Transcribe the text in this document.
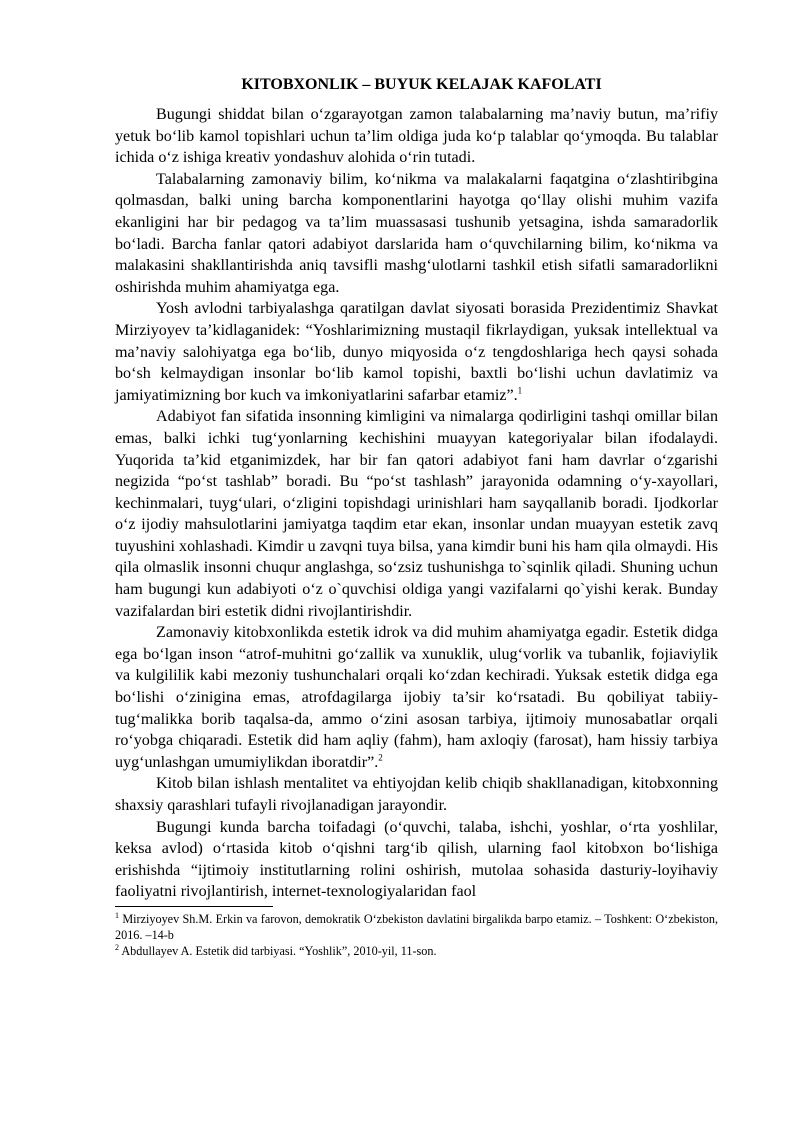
KITOBXONLIK – BUYUK KELAJAK KAFOLATI

Bugungi shiddat bilan o‘zgarayotgan zamon talabalarning ma’naviy butun, ma’rifiy yetuk bo‘lib kamol topishlari uchun ta’lim oldiga juda ko‘p talablar qo‘ymoqda. Bu talablar ichida o‘z ishiga kreativ yondashuv alohida o‘rin tutadi.

Talabalarning zamonaviy bilim, ko‘nikma va malakalarni faqatgina o‘zlashtiribgina qolmasdan, balki uning barcha komponentlarini hayotga qo‘llay olishi muhim vazifa ekanligini har bir pedagog va ta’lim muassasasi tushunib yetsagina, ishda samaradorlik bo‘ladi. Barcha fanlar qatori adabiyot darslarida ham o‘quvchilarning bilim, ko‘nikma va malakasini shakllantirishda aniq tavsifli mashg‘ulotlarni tashkil etish sifatli samaradorlikni oshirishda muhim ahamiyatga ega.

Yosh avlodni tarbiyalashga qaratilgan davlat siyosati borasida Prezidentimiz Shavkat Mirziyoyev ta’kidlaganidek: “Yoshlarimizning mustaqil fikrlaydigan, yuksak intellektual va ma’naviy salohiyatga ega bo‘lib, dunyo miqyosida o‘z tengdoshlariga hech qaysi sohada bo‘sh kelmaydigan insonlar bo‘lib kamol topishi, baxtli bo‘lishi uchun davlatimiz va jamiyatimizning bor kuch va imkoniyatlarini safarbar etamiz”.$^1$

Adabiyot fan sifatida insonning kimligini va nimalarga qodirligini tashqi omillar bilan emas, balki ichki tug‘yonlarning kechishini muayyan kategoriyalar bilan ifodalaydi. Yuqorida ta’kid etganimizdek, har bir fan qatori adabiyot fani ham davrlar o‘zgarishi negizida “po‘st tashlab” boradi. Bu “po‘st tashlash” jarayonida odamning o‘y-xayollari, kechinmalari, tuyg‘ulari, o‘zligini topishdagi urinishlari ham sayqallanib boradi. Ijodkorlar o‘z ijodiy mahsulotlarini jamiyatga taqdim etar ekan, insonlar undan muayyan estetik zavq tuyushini xohlashadi. Kimdir u zavqni tuya bilsa, yana kimdir buni his ham qila olmaydi. His qila olmaslik insonni chuqur anglashga, so‘zsiz tushunishga to`sqinlik qiladi. Shuning uchun ham bugungi kun adabiyoti o‘z o`quvchisi oldiga yangi vazifalarni qo`yishi kerak. Bunday vazifalardan biri estetik didni rivojlantirishdir.

Zamonaviy kitobxonlikda estetik idrok va did muhim ahamiyatga egadir. Estetik didga ega bo‘lgan inson “atrof-muhitni go‘zallik va xunuklik, ulug‘vorlik va tubanlik, fojiaviylik va kulgililik kabi mezoniy tushunchalari orqali ko‘zdan kechiradi. Yuksak estetik didga ega bo‘lishi o‘zinigina emas, atrofdagilarga ijobiy ta’sir ko‘rsatadi. Bu qobiliyat tabiiy-tug‘malikka borib taqalsa-da, ammo o‘zini asosan tarbiya, ijtimoiy munosabatlar orqali ro‘yobga chiqaradi. Estetik did ham aqliy (fahm), ham axloqiy (farosat), ham hissiy tarbiya uyg‘unlashgan umumiylikdan iboratdir”.$^2$

Kitob bilan ishlash mentalitet va ehtiyojdan kelib chiqib shakllanadigan, kitobxonning shaxsiy qarashlari tufayli rivojlanadigan jarayondir.

Bugungi kunda barcha toifadagi (o‘quvchi, talaba, ishchi, yoshlar, o‘rta yoshlilar, keksa avlod) o‘rtasida kitob o‘qishni targ‘ib qilish, ularning faol kitobxon bo‘lishiga erishishda “ijtimoiy institutlarning rolini oshirish, mutolaa sohasida dasturiy-loyihaviy faoliyatni rivojlantirish, internet-texnologiyalaridan faol

$^1$ Mirziyoyev Sh.M. Erkin va farovon, demokratik O‘zbekiston davlatini birgalikda barpo etamiz. – Toshkent: O‘zbekiston, 2016. –14-b

$^2$ Abdullayev A. Estetik did tarbiyasi. “Yoshlik”, 2010-yil, 11-son.
